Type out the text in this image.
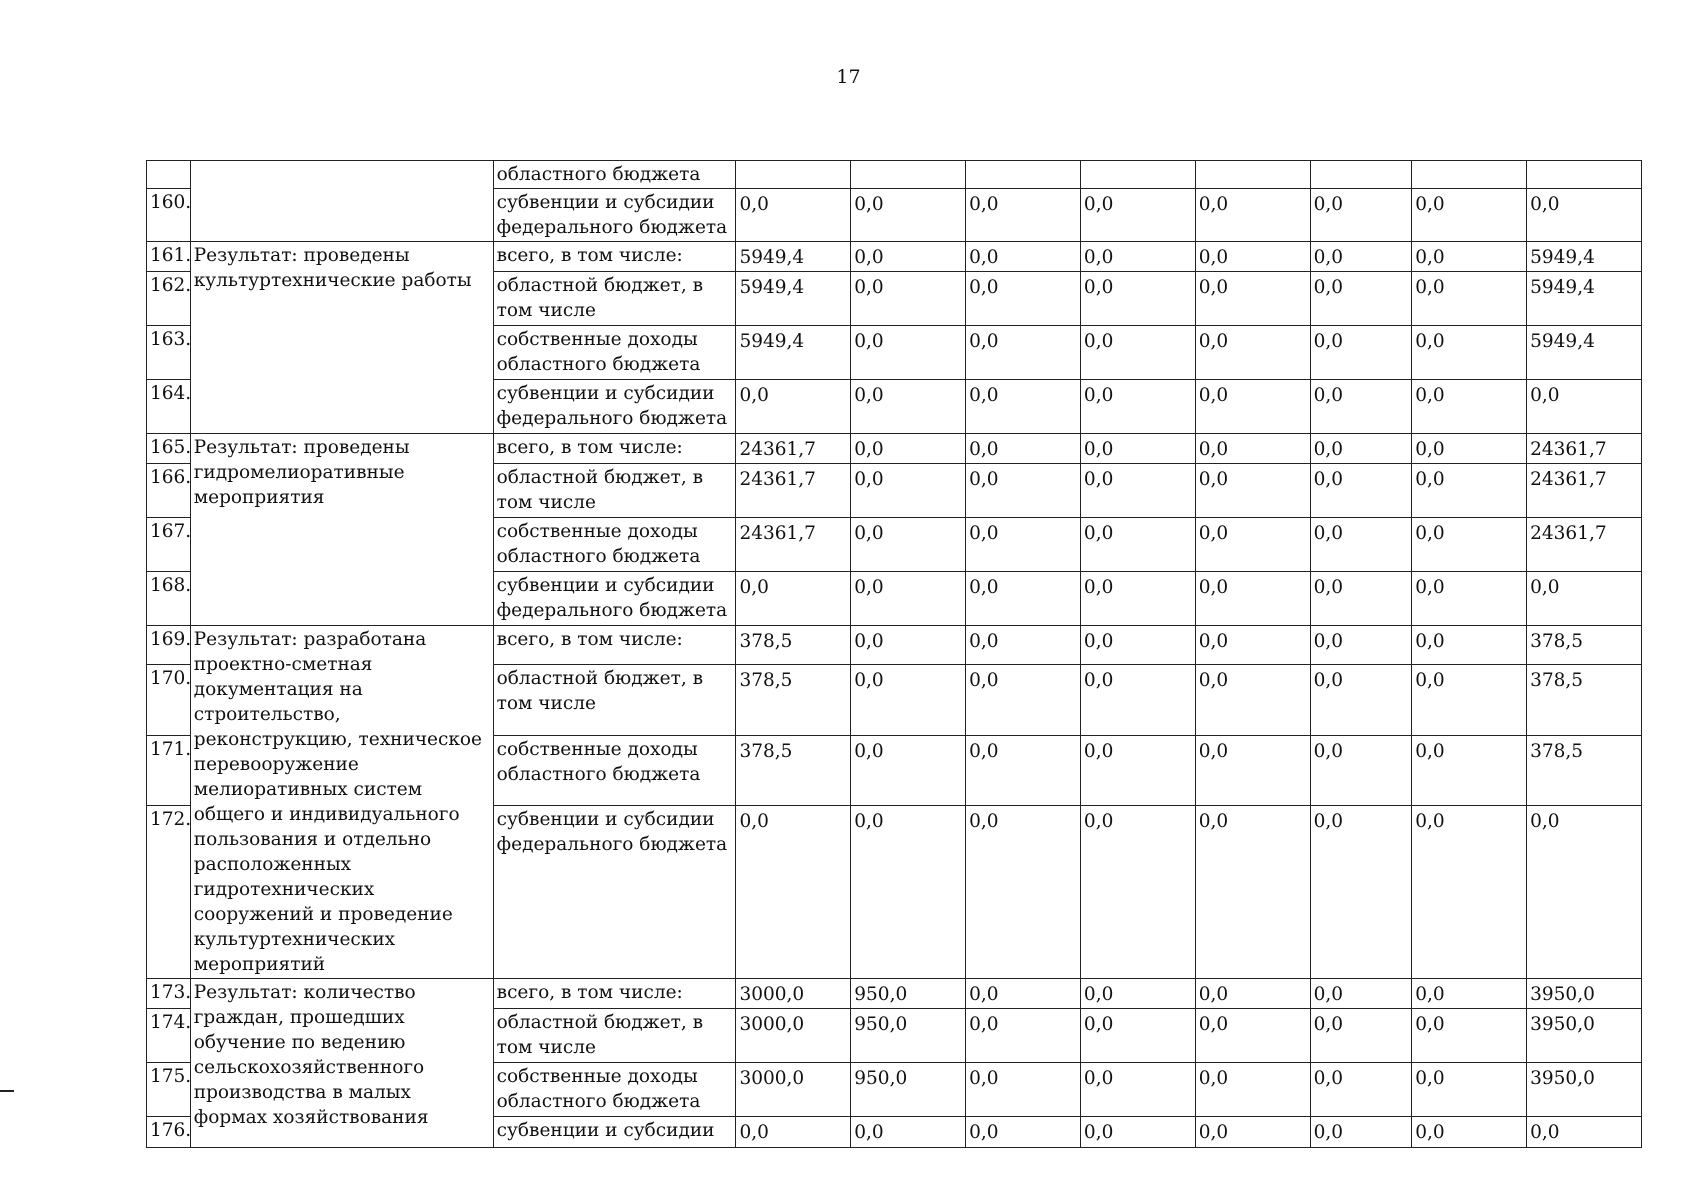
17
		областного бюджета								
160.		субвенции и субсидии федерального бюджета	0,0	0,0	0,0	0,0	0,0	0,0	0,0	0,0
161.	Результат: проведены культуртехнические работы	всего, в том числе:	5949,4	0,0	0,0	0,0	0,0	0,0	0,0	5949,4
162.		областной бюджет, в том числе	5949,4	0,0	0,0	0,0	0,0	0,0	0,0	5949,4
163.		собственные доходы областного бюджета	5949,4	0,0	0,0	0,0	0,0	0,0	0,0	5949,4
164.		субвенции и субсидии федерального бюджета	0,0	0,0	0,0	0,0	0,0	0,0	0,0	0,0
165.	Результат: проведены гидромелиоративные мероприятия	всего, в том числе:	24361,7	0,0	0,0	0,0	0,0	0,0	0,0	24361,7
166.		областной бюджет, в том числе	24361,7	0,0	0,0	0,0	0,0	0,0	0,0	24361,7
167.		собственные доходы областного бюджета	24361,7	0,0	0,0	0,0	0,0	0,0	0,0	24361,7
168.		субвенции и субсидии федерального бюджета	0,0	0,0	0,0	0,0	0,0	0,0	0,0	0,0
169.	Результат: разработана проектно-сметная документация на строительство, реконструкцию, техническое перевооружение мелиоративных систем общего и индивидуального пользования и отдельно расположенных гидротехнических сооружений и проведение культуртехнических мероприятий	всего, в том числе:	378,5	0,0	0,0	0,0	0,0	0,0	0,0	378,5
170.		областной бюджет, в том числе	378,5	0,0	0,0	0,0	0,0	0,0	0,0	378,5
171.		собственные доходы областного бюджета	378,5	0,0	0,0	0,0	0,0	0,0	0,0	378,5
172.		субвенции и субсидии федерального бюджета	0,0	0,0	0,0	0,0	0,0	0,0	0,0	0,0
173.	Результат: количество граждан, прошедших обучение по ведению сельскохозяйственного производства в малых формах хозяйствования	всего, в том числе:	3000,0	950,0	0,0	0,0	0,0	0,0	0,0	3950,0
174.		областной бюджет, в том числе	3000,0	950,0	0,0	0,0	0,0	0,0	0,0	3950,0
175.		собственные доходы областного бюджета	3000,0	950,0	0,0	0,0	0,0	0,0	0,0	3950,0
176.		субвенции и субсидии	0,0	0,0	0,0	0,0	0,0	0,0	0,0	0,0
